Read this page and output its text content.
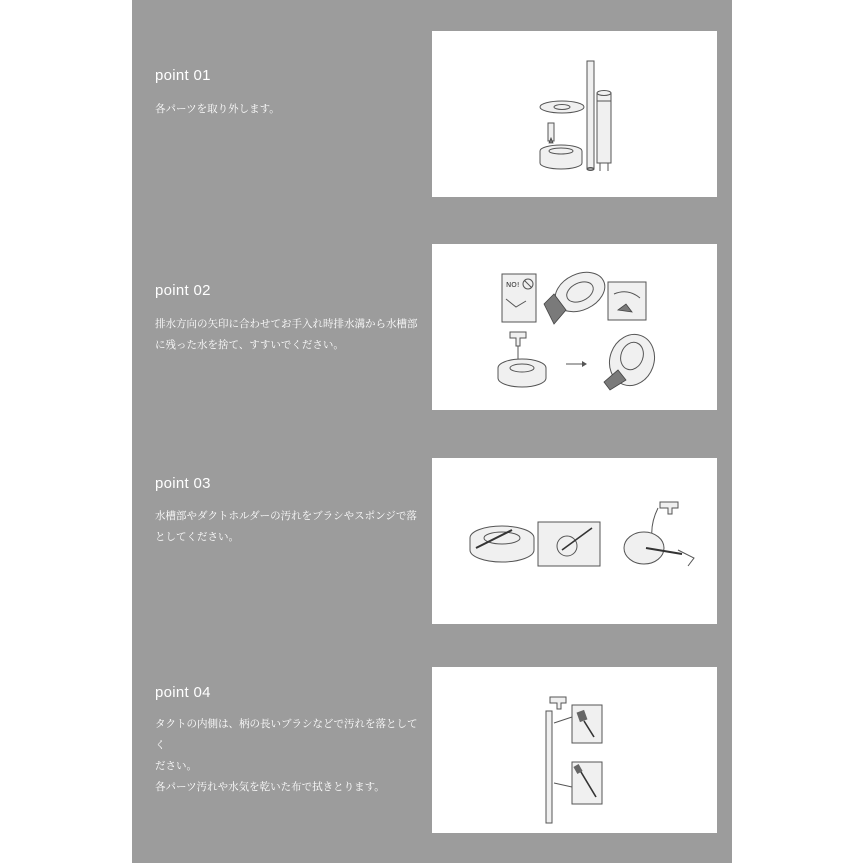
point 01

各パーツを取り外します。

point 02

排水方向の矢印に合わせてお手入れ時排水溝から水槽部

に残った水を捨て、すすいでください。

NO!
point 03

水槽部やダクトホルダーの汚れをブラシやスポンジで落

としてください。

point 04

タクトの内側は、柄の長いブラシなどで汚れを落としてく

ださい。

各パーツ汚れや水気を乾いた布で拭きとります。
